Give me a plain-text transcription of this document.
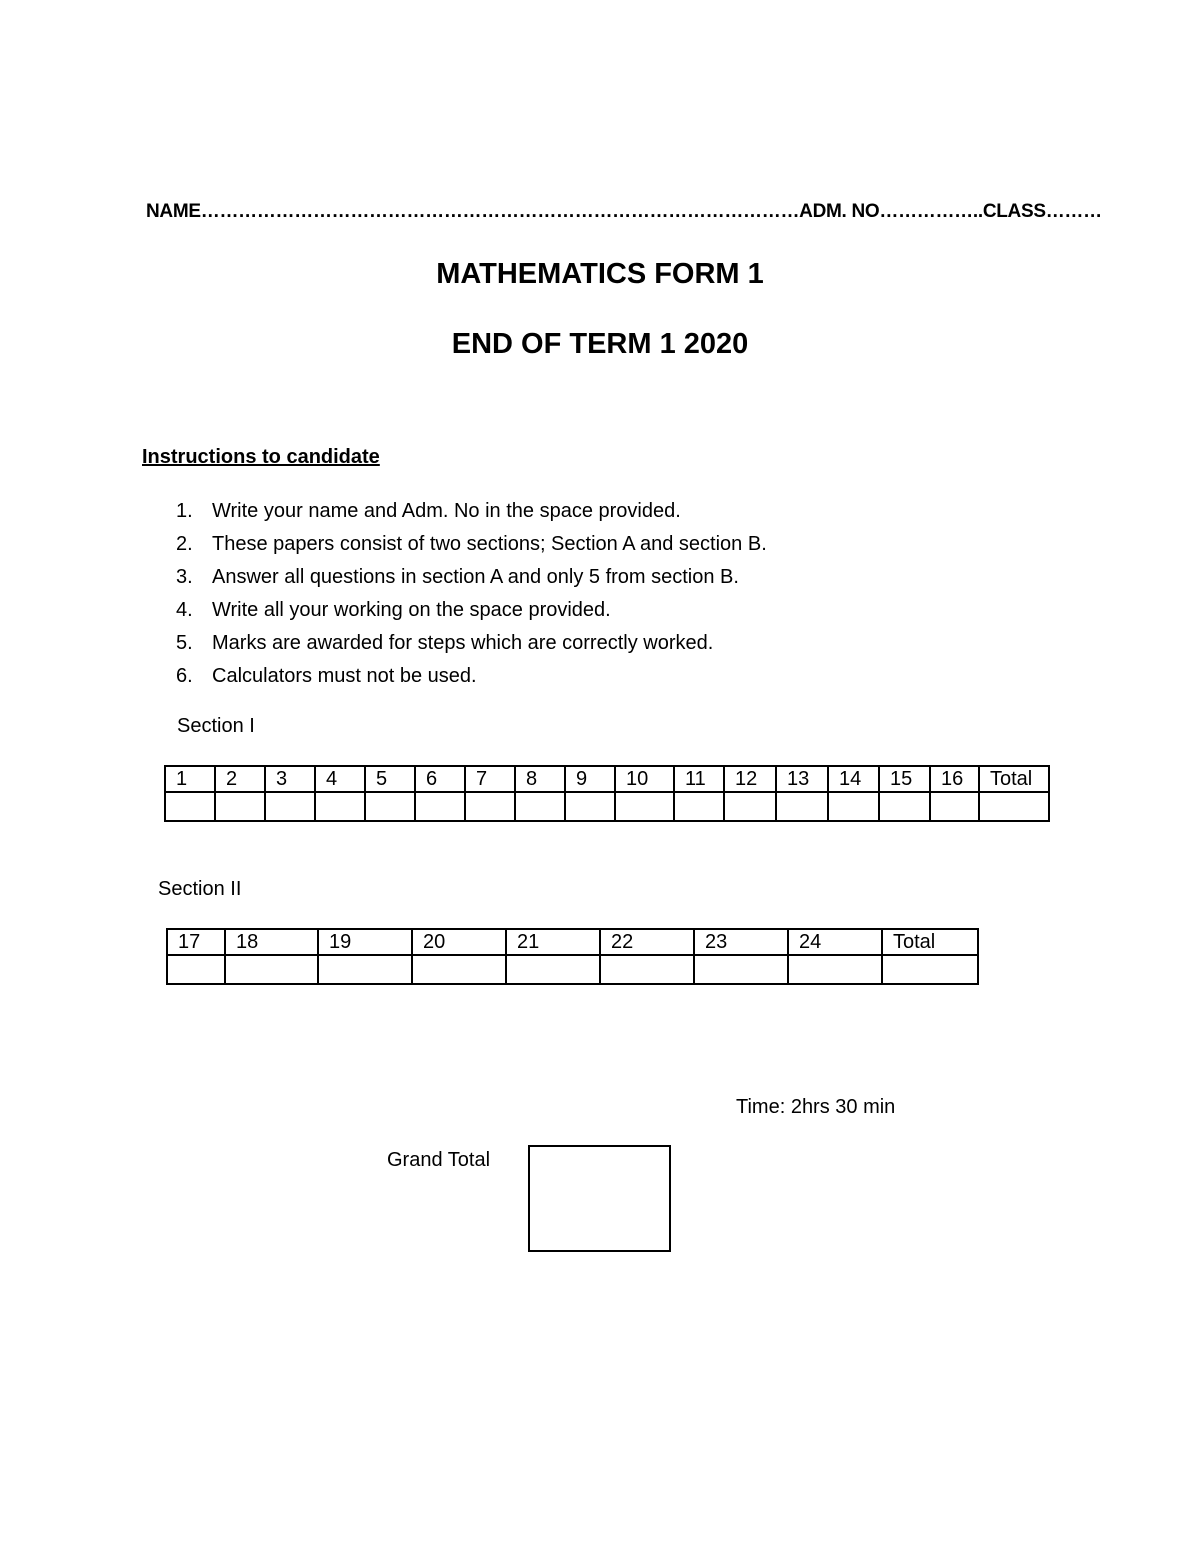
NAME……………………………………………………………………………………ADM. NO……………..CLASS………
MATHEMATICS FORM 1
END OF TERM 1 2020
Instructions to candidate
1. Write your name and Adm. No in the space provided.
2. These papers consist of two sections; Section A and section B.
3. Answer all questions in section A and only 5 from section B.
4. Write all your working on the space provided.
5. Marks are awarded for steps which are correctly worked.
6. Calculators must not be used.
Section I
1	2	3	4	5	6	7	8	9	10	11	12	13	14	15	16	Total

Section II
17	18	19	20	21	22	23	24	Total

Time: 2hrs 30 min
Grand Total
